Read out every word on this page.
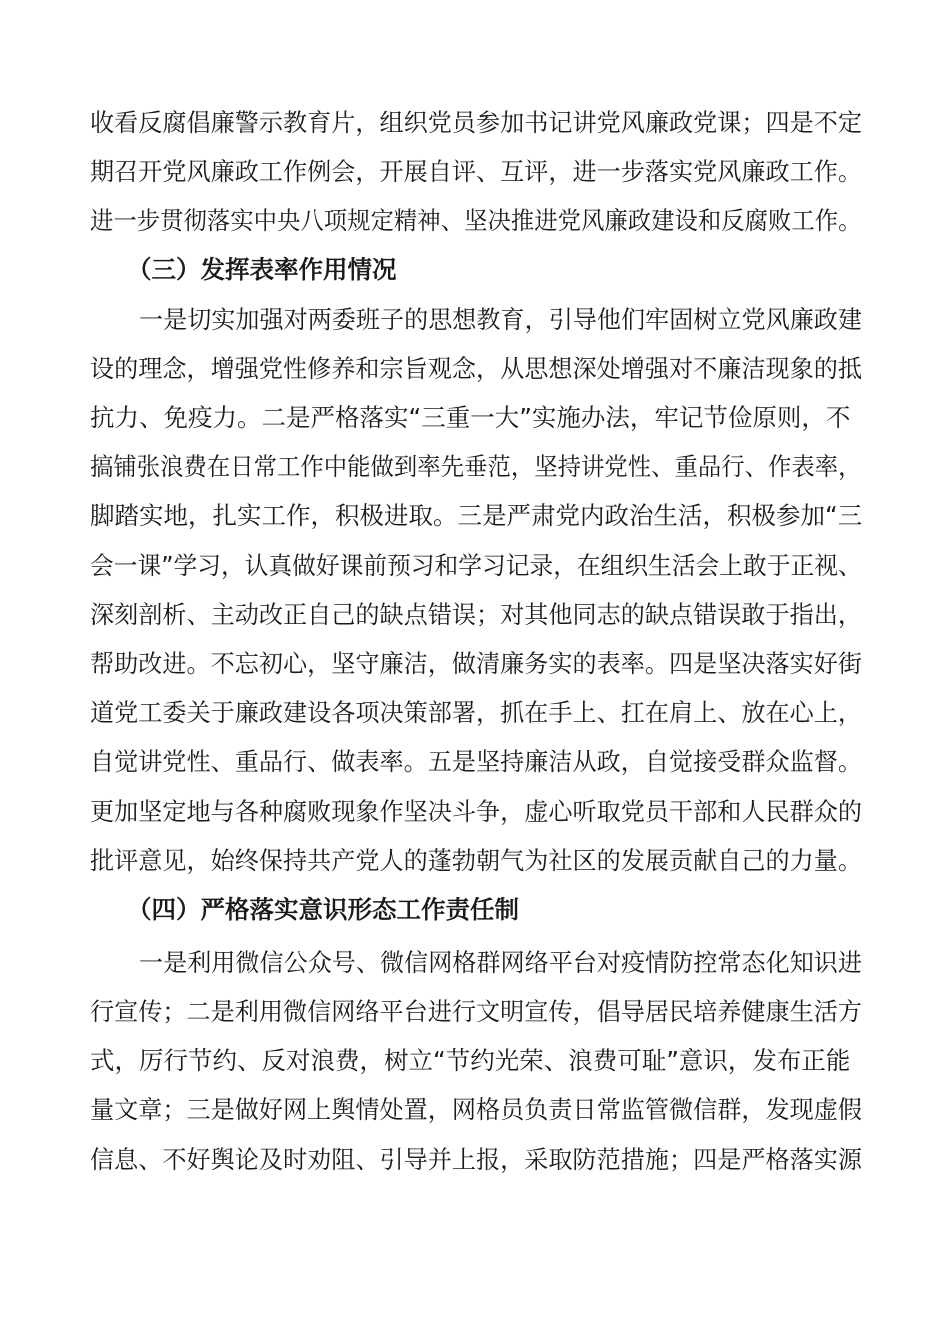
收看反腐倡廉警示教育片，组织党员参加书记讲党风廉政党课；四是不定
期召开党风廉政工作例会，开展自评、互评，进一步落实党风廉政工作。
进一步贯彻落实中央八项规定精神、坚决推进党风廉政建设和反腐败工作。
（三）发挥表率作用情况
一是切实加强对两委班子的思想教育，引导他们牢固树立党风廉政建
设的理念，增强党性修养和宗旨观念，从思想深处增强对不廉洁现象的抵
抗力、免疫力。二是严格落实“三重一大”实施办法，牢记节俭原则，不
搞铺张浪费在日常工作中能做到率先垂范，坚持讲党性、重品行、作表率，
脚踏实地，扎实工作，积极进取。三是严肃党内政治生活，积极参加“三
会一课”学习，认真做好课前预习和学习记录，在组织生活会上敢于正视、
深刻剖析、主动改正自己的缺点错误；对其他同志的缺点错误敢于指出，
帮助改进。不忘初心，坚守廉洁，做清廉务实的表率。四是坚决落实好街
道党工委关于廉政建设各项决策部署，抓在手上、扛在肩上、放在心上，
自觉讲党性、重品行、做表率。五是坚持廉洁从政，自觉接受群众监督。
更加坚定地与各种腐败现象作坚决斗争，虚心听取党员干部和人民群众的
批评意见，始终保持共产党人的蓬勃朝气为社区的发展贡献自己的力量。
（四）严格落实意识形态工作责任制
一是利用微信公众号、微信网格群网络平台对疫情防控常态化知识进
行宣传；二是利用微信网络平台进行文明宣传，倡导居民培养健康生活方
式，厉行节约、反对浪费，树立“节约光荣、浪费可耻”意识，发布正能
量文章；三是做好网上舆情处置，网格员负责日常监管微信群，发现虚假
信息、不好舆论及时劝阻、引导并上报，采取防范措施；四是严格落实源
